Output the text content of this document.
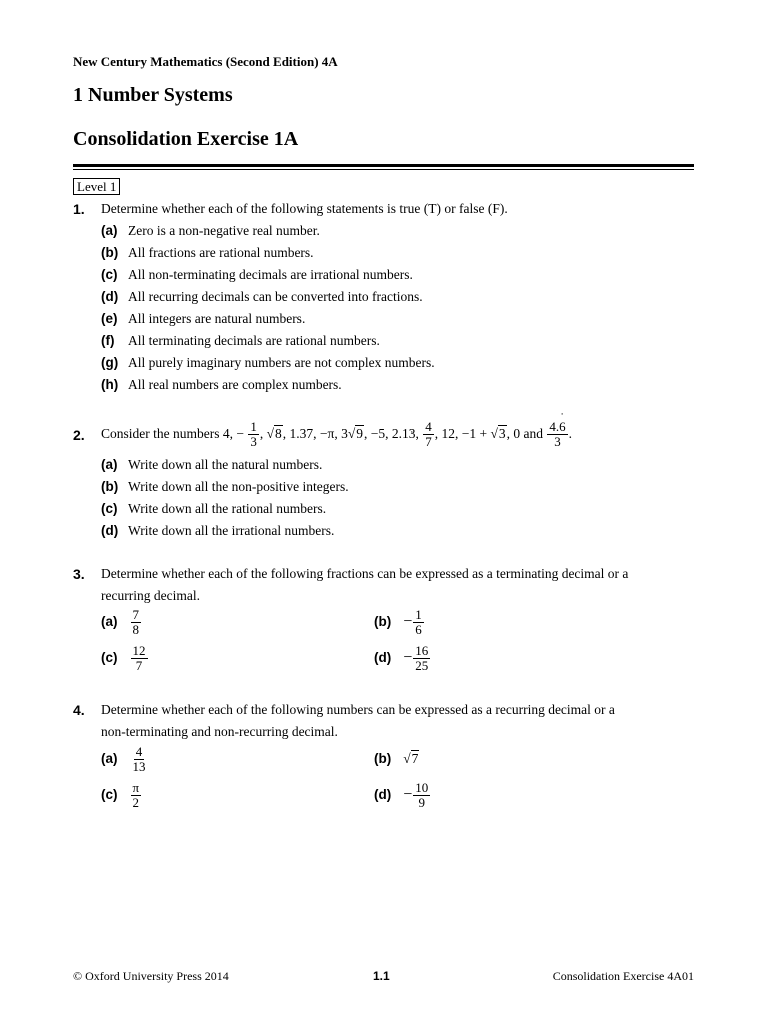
New Century Mathematics (Second Edition) 4A
1 Number Systems
Consolidation Exercise 1A
Level 1
1. Determine whether each of the following statements is true (T) or false (F).
(a) Zero is a non-negative real number.
(b) All fractions are rational numbers.
(c) All non-terminating decimals are irrational numbers.
(d) All recurring decimals can be converted into fractions.
(e) All integers are natural numbers.
(f) All terminating decimals are rational numbers.
(g) All purely imaginary numbers are not complex numbers.
(h) All real numbers are complex numbers.
2. Consider the numbers 4, − $\frac{1}{3}$ , √8, 1.37, −π, 3√9, −5, 2.13 ˙, $\frac{4}{7}$ , 12, −1 + √3, 0 and $\frac{4.6 ˙}{3}$ .
(a) Write down all the natural numbers.
(b) Write down all the non-positive integers.
(c) Write down all the rational numbers.
(d) Write down all the irrational numbers.
3. Determine whether each of the following fractions can be expressed as a terminating decimal or a
recurring decimal.
$(a) \frac{7}{8}$	$(b) - \frac{1}{6}$
$(c) \frac{12}{7}$	$(d) - \frac{16}{25}$
4. Determine whether each of the following numbers can be expressed as a recurring decimal or a
non-terminating and non-recurring decimal.
$(a) \frac{4}{13}$	(b) √7
$(c) \frac{\pi}{2}$	$(d) - \frac{10}{9}$
© Oxford University Press 2014	1.1	Consolidation Exercise 4A01
